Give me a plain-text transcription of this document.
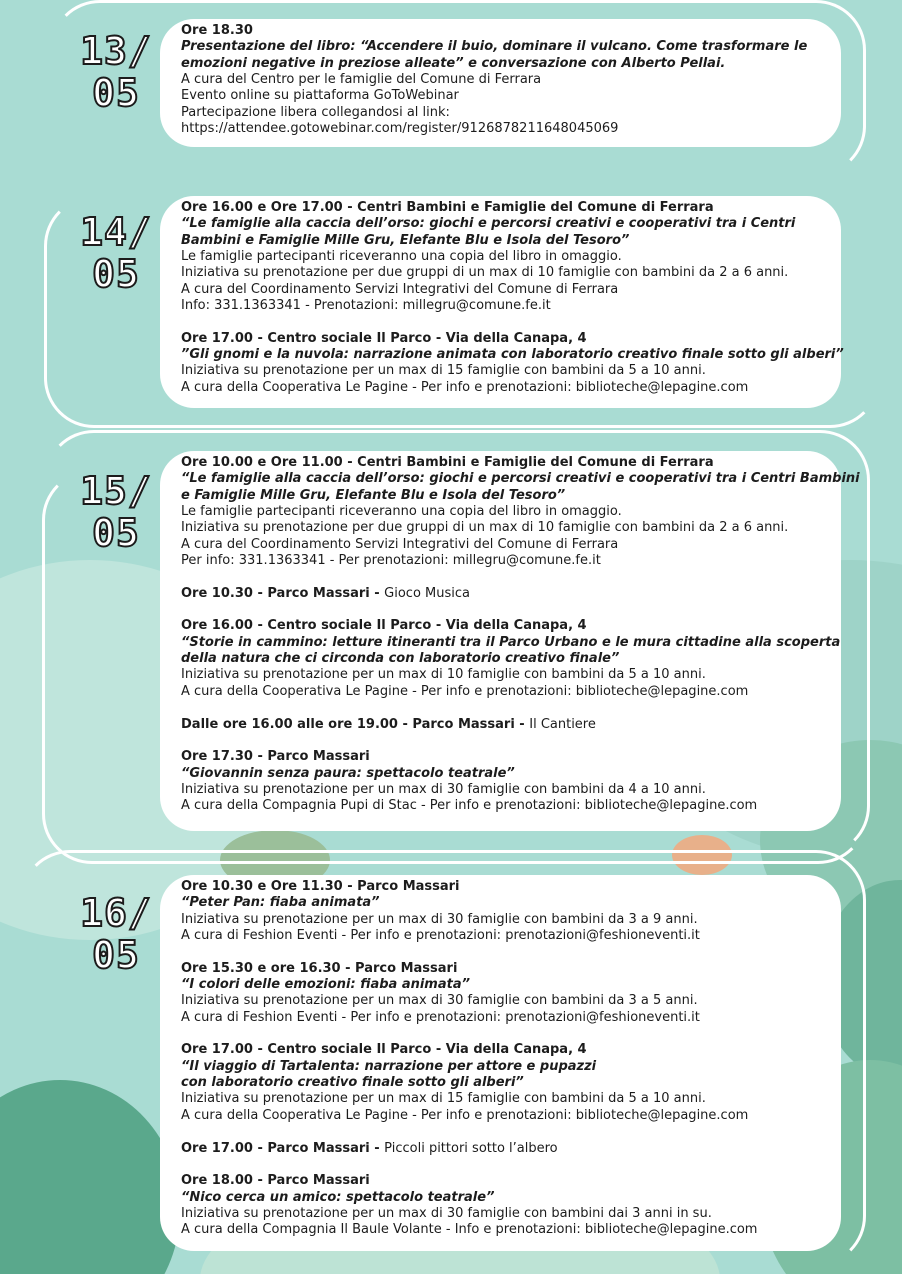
13/
05

Ore 18.30

Presentazione del libro: “Accendere il buio, dominare il vulcano. Come trasformare le

emozioni negative in preziose alleate” e conversazione con Alberto Pellai.

A cura del Centro per le famiglie del Comune di Ferrara

Evento online su piattaforma GoToWebinar

Partecipazione libera collegandosi al link:

https://attendee.gotowebinar.com/register/9126878211648045069

14/
05

Ore 16.00 e Ore 17.00 - Centri Bambini e Famiglie del Comune di Ferrara

“Le famiglie alla caccia dell’orso: giochi e percorsi creativi e cooperativi tra i Centri

Bambini e Famiglie Mille Gru, Elefante Blu e Isola del Tesoro”

Le famiglie partecipanti riceveranno una copia del libro in omaggio.

Iniziativa su prenotazione per due gruppi di un max di 10 famiglie con bambini da 2 a 6 anni.

A cura del Coordinamento Servizi Integrativi del Comune di Ferrara

Info: 331.1363341 - Prenotazioni: millegru@comune.fe.it

Ore 17.00 - Centro sociale Il Parco - Via della Canapa, 4

”Gli gnomi e la nuvola: narrazione animata con laboratorio creativo finale sotto gli alberi”

Iniziativa su prenotazione per un max di 15 famiglie con bambini da 5 a 10 anni.

A cura della Cooperativa Le Pagine - Per info e prenotazioni: biblioteche@lepagine.com

15/
05

Ore 10.00 e Ore 11.00 - Centri Bambini e Famiglie del Comune di Ferrara

“Le famiglie alla caccia dell’orso: giochi e percorsi creativi e cooperativi tra i Centri Bambini

e Famiglie Mille Gru, Elefante Blu e Isola del Tesoro”

Le famiglie partecipanti riceveranno una copia del libro in omaggio.

Iniziativa su prenotazione per due gruppi di un max di 10 famiglie con bambini da 2 a 6 anni.

A cura del Coordinamento Servizi Integrativi del Comune di Ferrara

Per info: 331.1363341 - Per prenotazioni: millegru@comune.fe.it

Ore 10.30 - Parco Massari - Gioco Musica

Ore 16.00 - Centro sociale Il Parco - Via della Canapa, 4

“Storie in cammino: letture itineranti tra il Parco Urbano e le mura cittadine alla scoperta

della natura che ci circonda con laboratorio creativo finale”

Iniziativa su prenotazione per un max di 10 famiglie con bambini da 5 a 10 anni.

A cura della Cooperativa Le Pagine - Per info e prenotazioni: biblioteche@lepagine.com

Dalle ore 16.00 alle ore 19.00 - Parco Massari - Il Cantiere

Ore 17.30 - Parco Massari

“Giovannin senza paura: spettacolo teatrale”

Iniziativa su prenotazione per un max di 30 famiglie con bambini da 4 a 10 anni.

A cura della Compagnia Pupi di Stac - Per info e prenotazioni: biblioteche@lepagine.com

16/
05

Ore 10.30 e Ore 11.30 - Parco Massari

“Peter Pan: fiaba animata”

Iniziativa su prenotazione per un max di 30 famiglie con bambini da 3 a 9 anni.

A cura di Feshion Eventi - Per info e prenotazioni: prenotazioni@feshioneventi.it

Ore 15.30 e ore 16.30 - Parco Massari

“I colori delle emozioni: fiaba animata”

Iniziativa su prenotazione per un max di 30 famiglie con bambini da 3 a 5 anni.

A cura di Feshion Eventi - Per info e prenotazioni: prenotazioni@feshioneventi.it

Ore 17.00 - Centro sociale Il Parco - Via della Canapa, 4

“Il viaggio di Tartalenta: narrazione per attore e pupazzi

con laboratorio creativo finale sotto gli alberi”

Iniziativa su prenotazione per un max di 15 famiglie con bambini da 5 a 10 anni.

A cura della Cooperativa Le Pagine - Per info e prenotazioni: biblioteche@lepagine.com

Ore 17.00 - Parco Massari - Piccoli pittori sotto l’albero

Ore 18.00 - Parco Massari

“Nico cerca un amico: spettacolo teatrale”

Iniziativa su prenotazione per un max di 30 famiglie con bambini dai 3 anni in su.

A cura della Compagnia Il Baule Volante - Info e prenotazioni: biblioteche@lepagine.com
